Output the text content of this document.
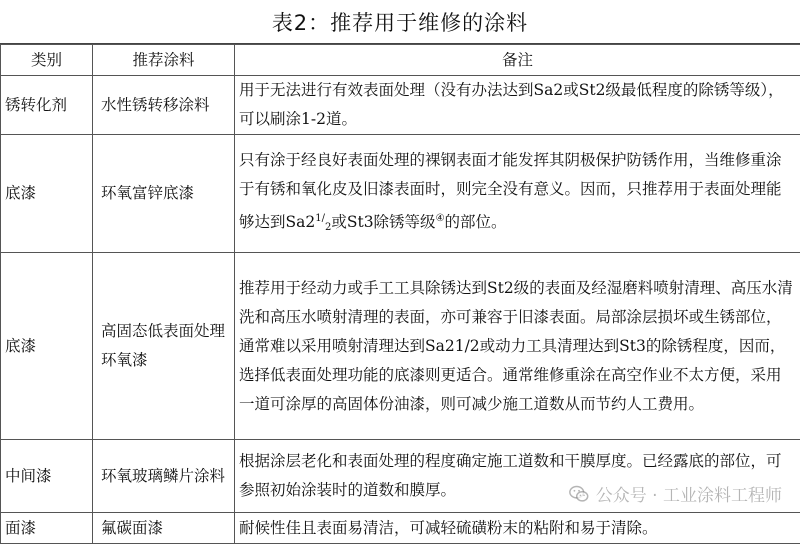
表2：推荐用于维修的涂料
类别	推荐涂料	备注
锈转化剂	水性锈转移涂料	用于无法进行有效表面处理（没有办法达到Sa2或St2级最低程度的除锈等级），可以刷涂1-2道。
底漆	环氧富锌底漆	只有涂于经良好表面处理的裸钢表面才能发挥其阴极保护防锈作用，当维修重涂于有锈和氧化皮及旧漆表面时，则完全没有意义。因而，只推荐用于表面处理能够达到$Sa2^{1/}_2$或St3除锈等级④的部位。
底漆	高固态低表面处理环氧漆	推荐用于经动力或手工工具除锈达到St2级的表面及经湿磨料喷射清理、高压水清洗和高压水喷射清理的表面，亦可兼容于旧漆表面。局部涂层损坏或生锈部位，通常难以采用喷射清理达到Sa21/2或动力工具清理达到St3的除锈程度，因而，选择低表面处理功能的底漆则更适合。通常维修重涂在高空作业不太方便，采用一道可涂厚的高固体份油漆，则可减少施工道数从而节约人工费用。
中间漆	环氧玻璃鳞片涂料	根据涂层老化和表面处理的程度确定施工道数和干膜厚度。已经露底的部位，可参照初始涂装时的道数和膜厚。
面漆	氟碳面漆	耐候性佳且表面易清洁，可减轻硫磺粉末的粘附和易于清除。
公众号 · 工业涂料工程师
